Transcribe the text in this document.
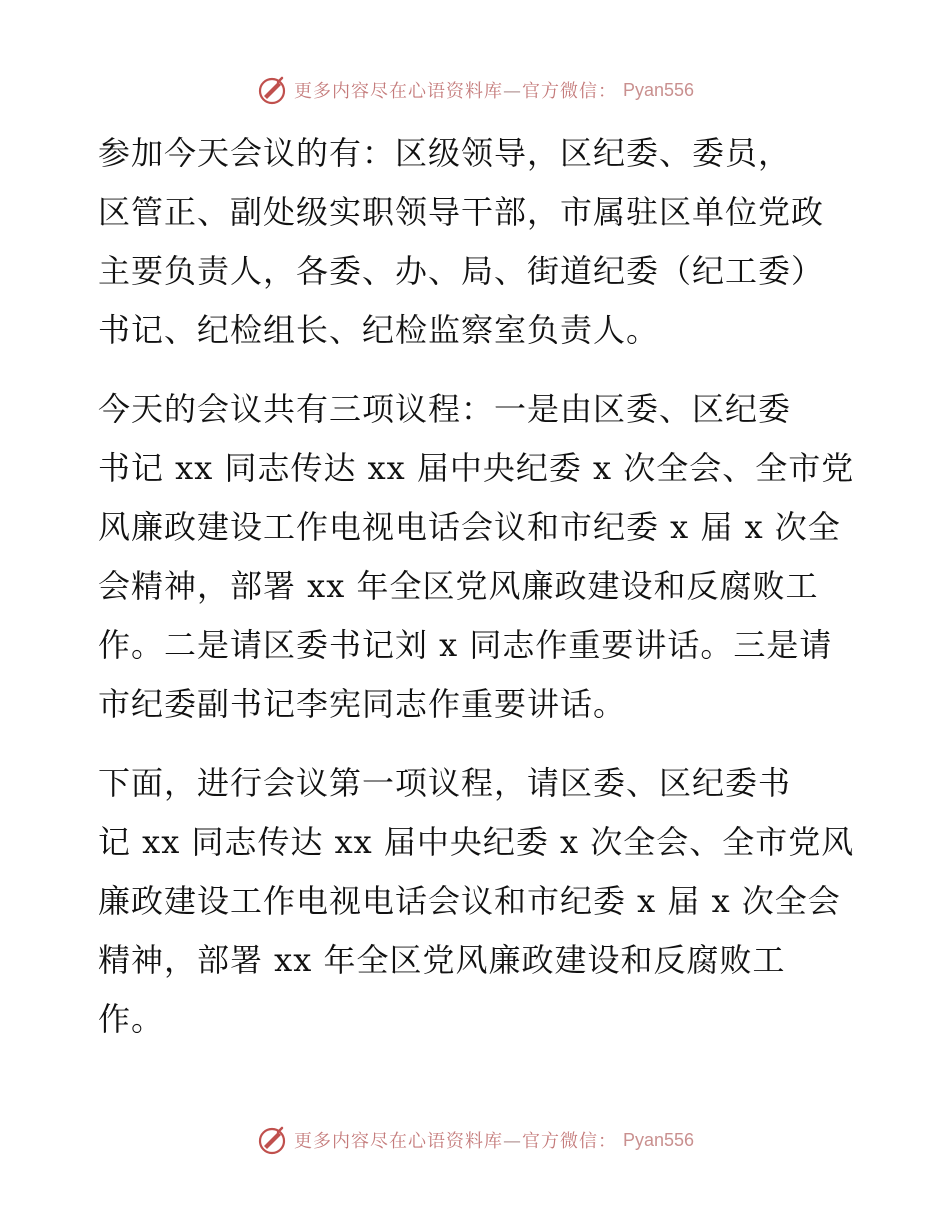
更多内容尽在心语资料库—官方微信： Pyan556

参加今天会议的有：区级领导，区纪委、委员，
区管正、副处级实职领导干部，市属驻区单位党政
主要负责人，各委、办、局、街道纪委（纪工委）
书记、纪检组长、纪检监察室负责人。

今天的会议共有三项议程：一是由区委、区纪委
书记 xx 同志传达 xx 届中央纪委 x 次全会、全市党
风廉政建设工作电视电话会议和市纪委 x 届 x 次全
会精神，部署 xx 年全区党风廉政建设和反腐败工
作。二是请区委书记刘 x 同志作重要讲话。三是请
市纪委副书记李宪同志作重要讲话。

下面，进行会议第一项议程，请区委、区纪委书
记 xx 同志传达 xx 届中央纪委 x 次全会、全市党风
廉政建设工作电视电话会议和市纪委 x 届 x 次全会
精神，部署 xx 年全区党风廉政建设和反腐败工
作。

更多内容尽在心语资料库—官方微信： Pyan556
